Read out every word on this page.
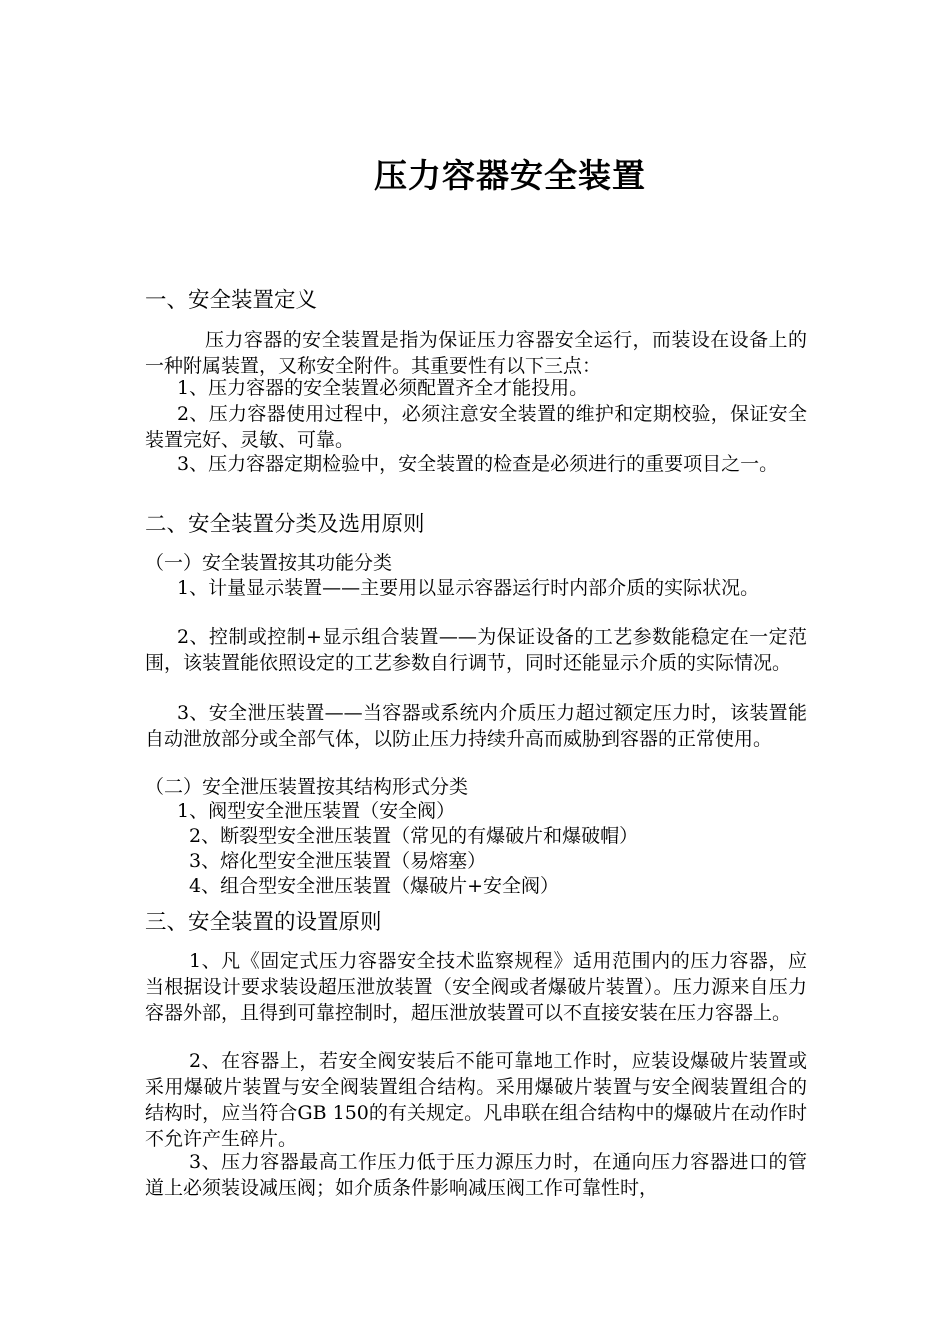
压力容器安全装置
一、安全装置定义

压力容器的安全装置是指为保证压力容器安全运行，而装设在设备上的一种附属装置，又称安全附件。其重要性有以下三点：

1、压力容器的安全装置必须配置齐全才能投用。

2、压力容器使用过程中，必须注意安全装置的维护和定期校验，保证安全装置完好、灵敏、可靠。

3、压力容器定期检验中，安全装置的检查是必须进行的重要项目之一。

二、安全装置分类及选用原则
（一）安全装置按其功能分类

1、计量显示装置——主要用以显示容器运行时内部介质的实际状况。

2、控制或控制+显示组合装置——为保证设备的工艺参数能稳定在一定范围，该装置能依照设定的工艺参数自行调节，同时还能显示介质的实际情况。

3、安全泄压装置——当容器或系统内介质压力超过额定压力时，该装置能自动泄放部分或全部气体，以防止压力持续升高而威胁到容器的正常使用。

（二）安全泄压装置按其结构形式分类
1、阀型安全泄压装置（安全阀）
2、断裂型安全泄压装置（常见的有爆破片和爆破帽）
3、熔化型安全泄压装置（易熔塞）
4、组合型安全泄压装置（爆破片+安全阀）
三、安全装置的设置原则

1、凡《固定式压力容器安全技术监察规程》适用范围内的压力容器，应当根据设计要求装设超压泄放装置（安全阀或者爆破片装置）。压力源来自压力容器外部，且得到可靠控制时，超压泄放装置可以不直接安装在压力容器上。

2、在容器上，若安全阀安装后不能可靠地工作时，应装设爆破片装置或采用爆破片装置与安全阀装置组合结构。采用爆破片装置与安全阀装置组合的结构时，应当符合GB 150的有关规定。凡串联在组合结构中的爆破片在动作时不允许产生碎片。

3、压力容器最高工作压力低于压力源压力时，在通向压力容器进口的管道上必须装设减压阀；如介质条件影响减压阀工作可靠性时，
